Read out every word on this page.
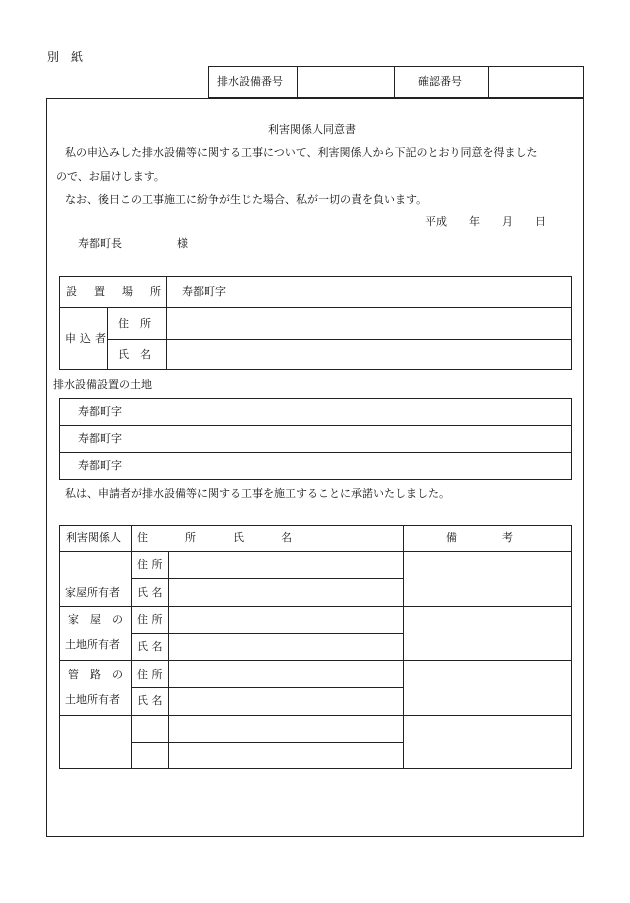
別　紙
排水設備番号	確認番号
利害関係人同意書
私の申込みした排水設備等に関する工事について、利害関係人から下記のとおり同意を得ました
ので、お届けします。
なお、後日この工事施工に紛争が生じた場合、私が一切の責を負います。
平成　　年　　月　　日
寿都町長　　　　　様
設　置　場　所 寿都町字
申込者
住　所
氏　名
排水設備設置の土地
寿都町字
寿都町字
寿都町字
私は、申請者が排水設備等に関する工事を施工することに承諾いたしました。
利害関係人 住　　　所　　　氏　　　名	備　　　考
家屋所有者
住 所
氏 名
家　屋　の
土地所有者
住 所
氏 名
管　路　の
土地所有者
住 所
氏 名
